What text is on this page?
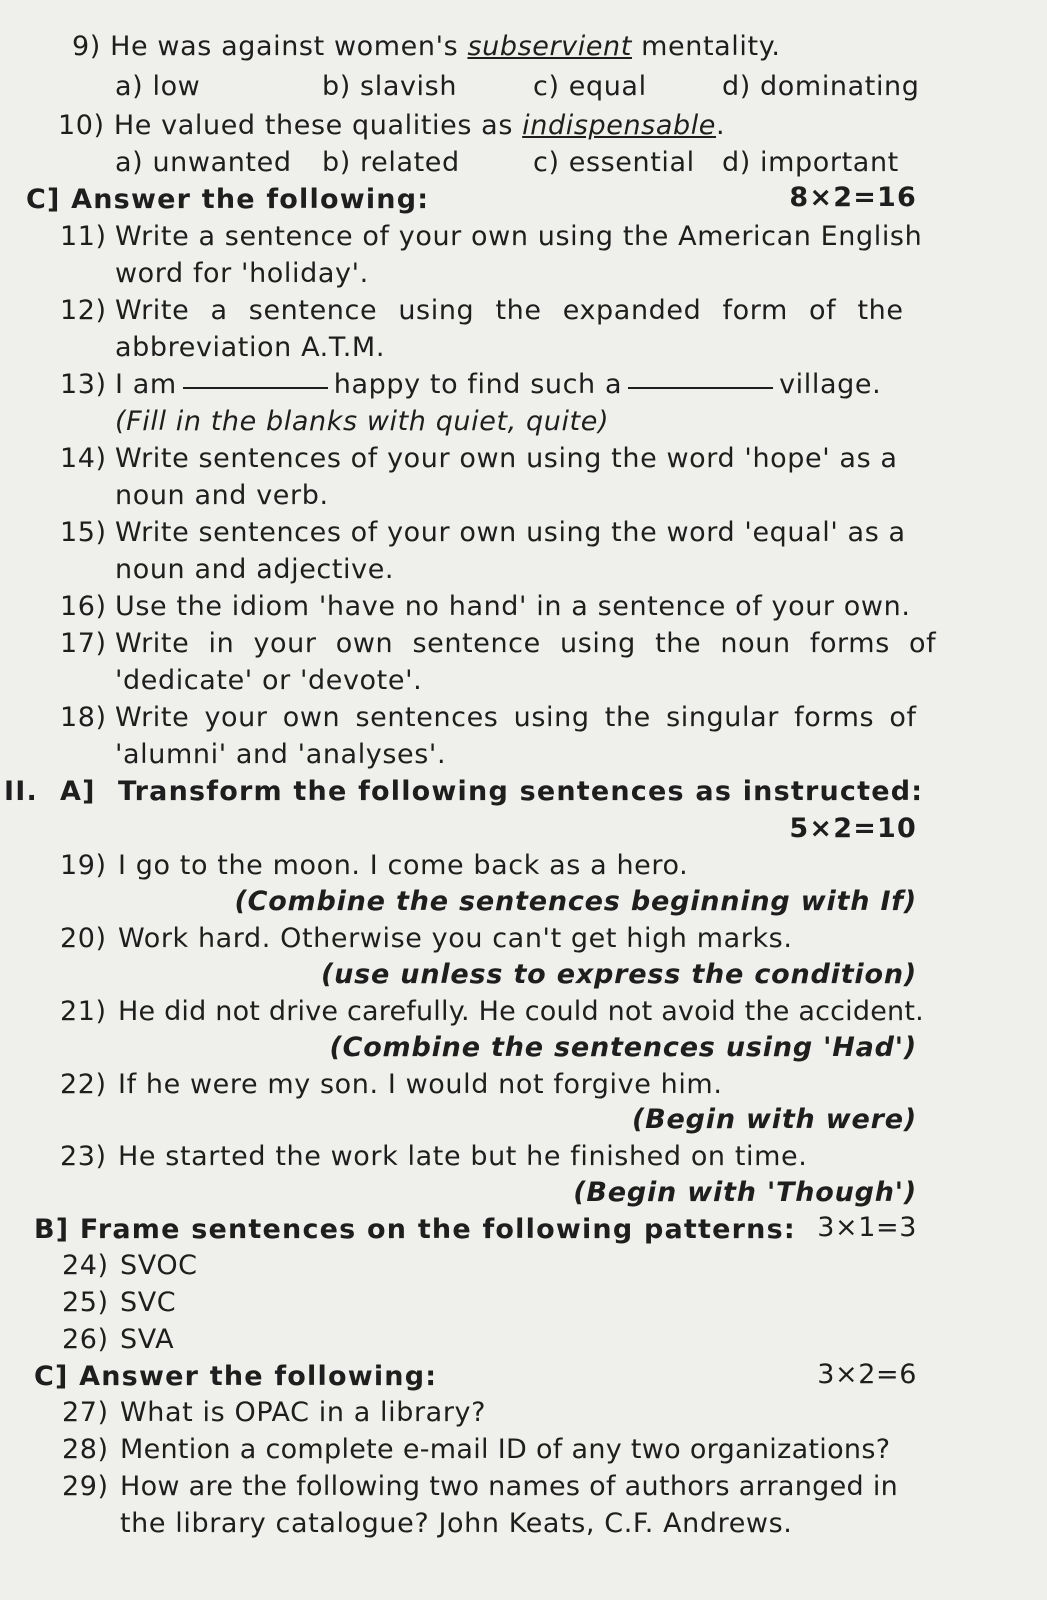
9) He was against women's subservient mentality.
a) low	b) slavish	c) equal	d) dominating
10) He valued these qualities as indispensable.
a) unwanted b) related	c) essential d) important
C] Answer the following:	8×2=16
11) Write a sentence of your own using the American English
word for 'holiday'.
12) Write a sentence using the expanded form of the
abbreviation A.T.M.
13) I am	happy to find such a	village.
(Fill in the blanks with quiet, quite)
14) Write sentences of your own using the word 'hope' as a
noun and verb.
15) Write sentences of your own using the word 'equal' as a
noun and adjective.
16) Use the idiom 'have no hand' in a sentence of your own.
17) Write in your own sentence using the noun forms of
'dedicate' or 'devote'.
18) Write your own sentences using the singular forms of
'alumni' and 'analyses'.
II. A] Transform the following sentences as instructed:
5×2=10
19) I go to the moon. I come back as a hero.
(Combine the sentences beginning with If)
20) Work hard. Otherwise you can't get high marks.
(use unless to express the condition)
21) He did not drive carefully. He could not avoid the accident.
(Combine the sentences using 'Had')
22) If he were my son. I would not forgive him.
(Begin with were)
23) He started the work late but he finished on time.
(Begin with 'Though')
B] Frame sentences on the following patterns: 3×1=3
24) SVOC
25) SVC
26) SVA
C] Answer the following:	3×2=6
27) What is OPAC in a library?
28) Mention a complete e-mail ID of any two organizations?
29) How are the following two names of authors arranged in
the library catalogue? John Keats, C.F. Andrews.
